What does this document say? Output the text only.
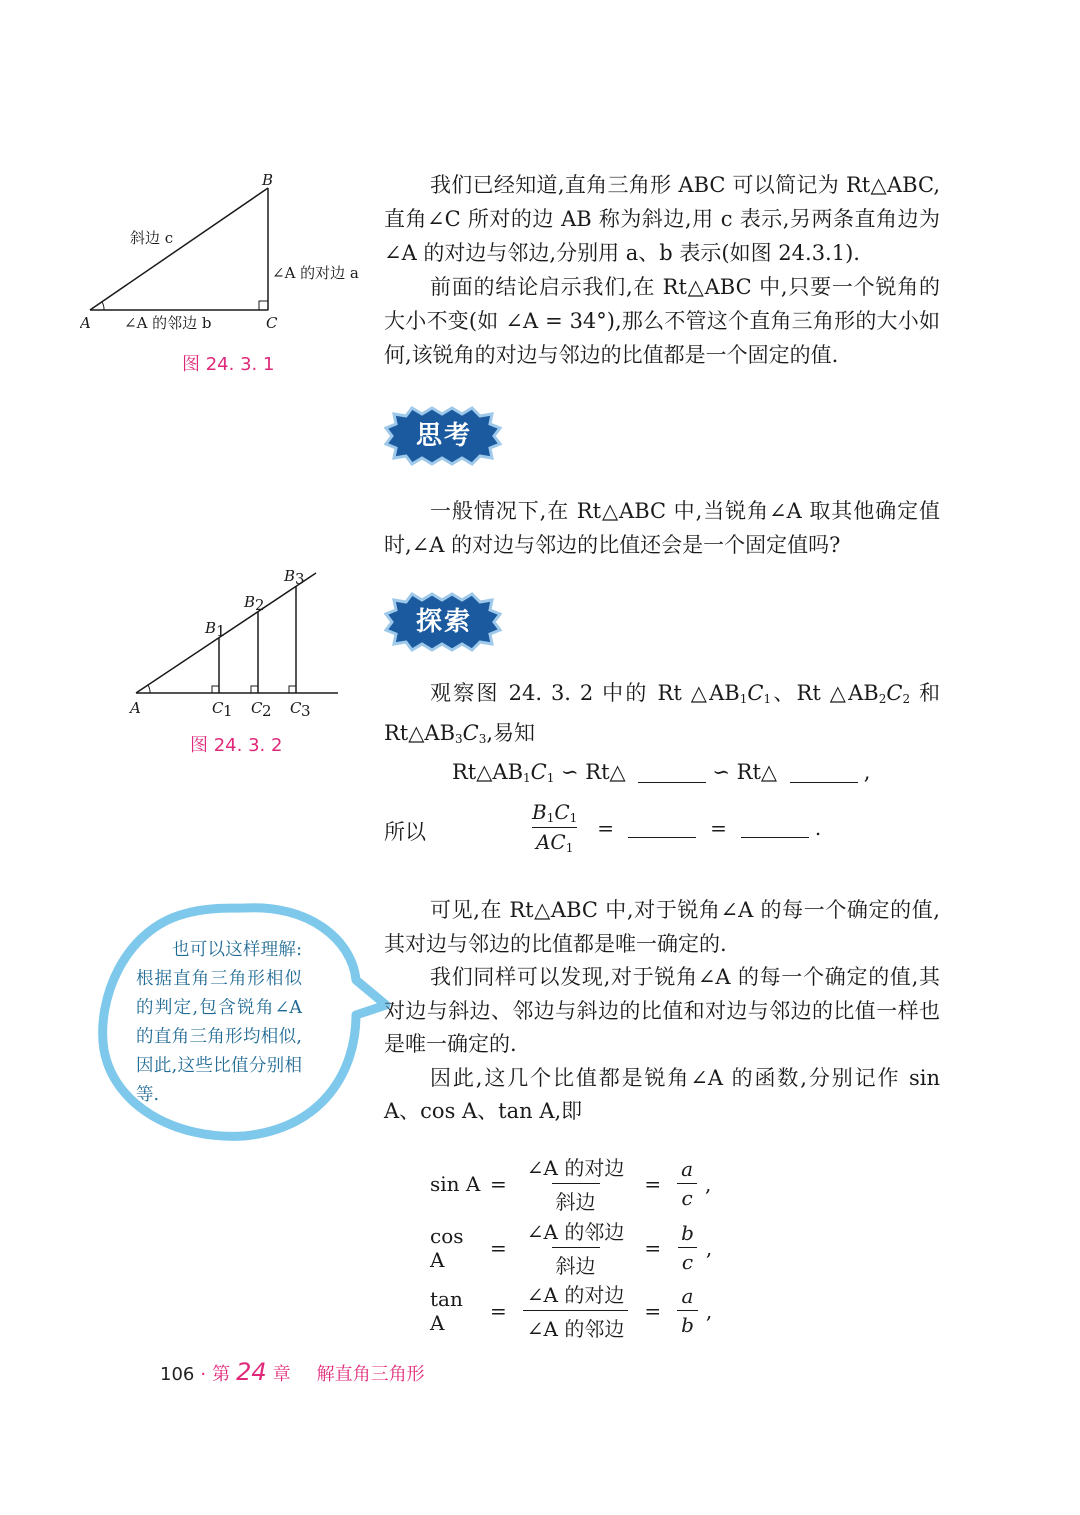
B
A	C
斜边 c
∠A 的对边 a
∠A 的邻边 b
图 24. 3. 1

我们已经知道,直角三角形 ABC 可以简记为 Rt△ABC,直角∠C 所对的边 AB 称为斜边,用 c 表示,另两条直角边为∠A 的对边与邻边,分别用 a、b 表示(如图 24.3.1).

前面的结论启示我们,在 Rt△ABC 中,只要一个锐角的大小不变(如 ∠A = 34°),那么不管这个直角三角形的大小如何,该锐角的对边与邻边的比值都是一个固定的值.

思考

一般情况下,在 Rt△ABC 中,当锐角∠A 取其他确定值时,∠A 的对边与邻边的比值还会是一个固定值吗?

A
B 1
B 2
B 3
C 1 C 2 C 3
图 24. 3. 2
探索

观察图 24. 3. 2 中的 Rt $\triangle AB_1C_1$、Rt $\triangle AB_2C_2$ 和 $Rt\triangle AB_3C_3$,易知

$Rt\triangle AB_1C_1$ ∽ Rt△	∽ Rt△	,
所以	$\frac{B_1C_1}{AC_1}$ =	=	.

也可以这样理解:根据直角三角形相似的判定,包含锐角∠A 的直角三角形均相似,因此,这些比值分别相等.

可见,在 Rt△ABC 中,对于锐角∠A 的每一个确定的值,其对边与邻边的比值都是唯一确定的.

我们同样可以发现,对于锐角∠A 的每一个确定的值,其对边与斜边、邻边与斜边的比值和对边与邻边的比值一样也是唯一确定的.

因此,这几个比值都是锐角∠A 的函数,分别记作 sin A、cos A、tan A,即

$\sin A = \frac{\text{∠A 的对边}}{\text{斜边}} = \frac{a}{c}$ ,
cos A	= $\frac{\text{∠A 的邻边}}{\text{斜边}} = \frac{b}{c}$ ,
tan A	= $\frac{\text{∠A 的对边}}{\text{∠A 的邻边}} = \frac{a}{b}$ ,
106 · 第 24 章 解直角三角形
